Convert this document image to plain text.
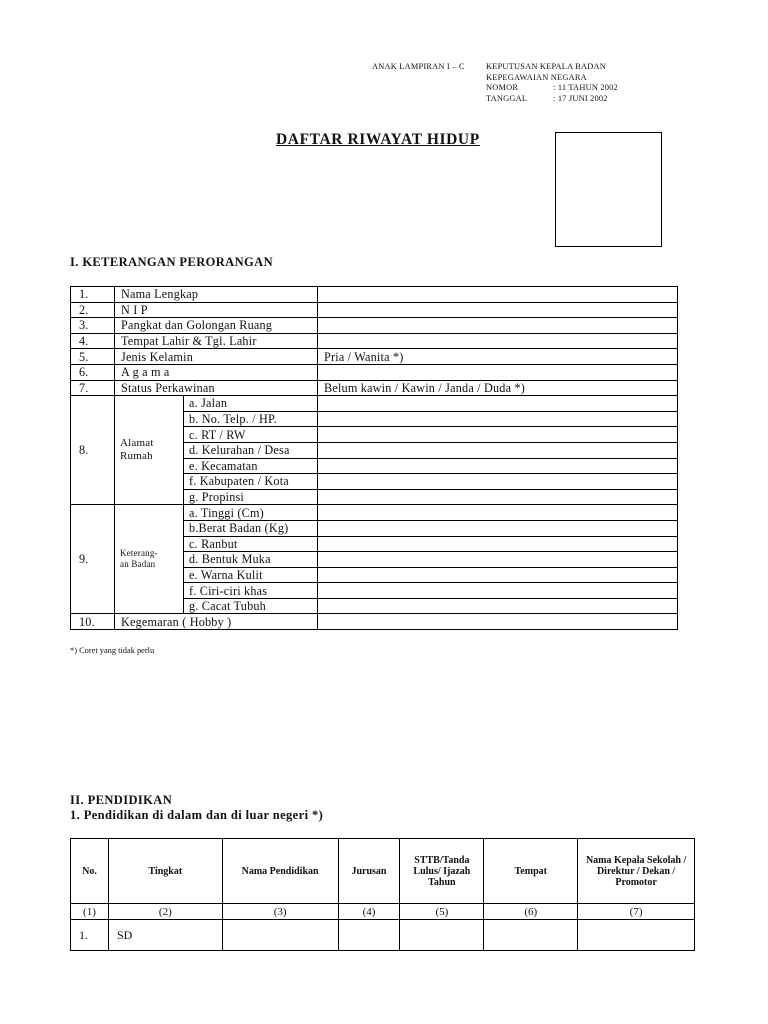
ANAK LAMPIRAN I – C	KEPUTUSAN KEPALA BADAN
KEPEGAWAIAN NEGARA
NOMOR	: 11 TAHUN 2002
TANGGAL	: 17 JUNI 2002
DAFTAR RIWAYAT HIDUP
I. KETERANGAN PERORANGAN
1.	Nama Lengkap		
2.	N I P		
3.	Pangkat dan Golongan Ruang		
4.	Tempat Lahir & Tgl. Lahir		
5.	Jenis Kelamin		Pria / Wanita *)
6.	A g a m a		
7.	Status Perkawinan		Belum kawin / Kawin / Janda / Duda *)
8.	Alamat
Rumah	a. Jalan	
		b. No. Telp. / HP.	
		c. RT / RW	
		d. Kelurahan / Desa	
		e. Kecamatan	
		f. Kabupaten / Kota	
		g. Propinsi	
9.	Keterang-
an Badan	a. Tinggi (Cm)	
		b.Berat Badan (Kg)	
		c. Ranbut	
		d. Bentuk Muka	
		e. Warna Kulit	
		f. Ciri-ciri khas	
		g. Cacat Tubuh	
10.	Kegemaran ( Hobby )		
*) Coret yang tidak perlu
II. PENDIDIKAN
1. Pendidikan di dalam dan di luar negeri *)
No.	Tingkat	Nama Pendidikan	Jurusan	STTB/Tanda Lulus/ Ijazah Tahun	Tempat	Nama Kepala Sekolah / Direktur / Dekan / Promotor
(1)	(2)	(3)	(4)	(5)	(6)	(7)
1.	SD					
